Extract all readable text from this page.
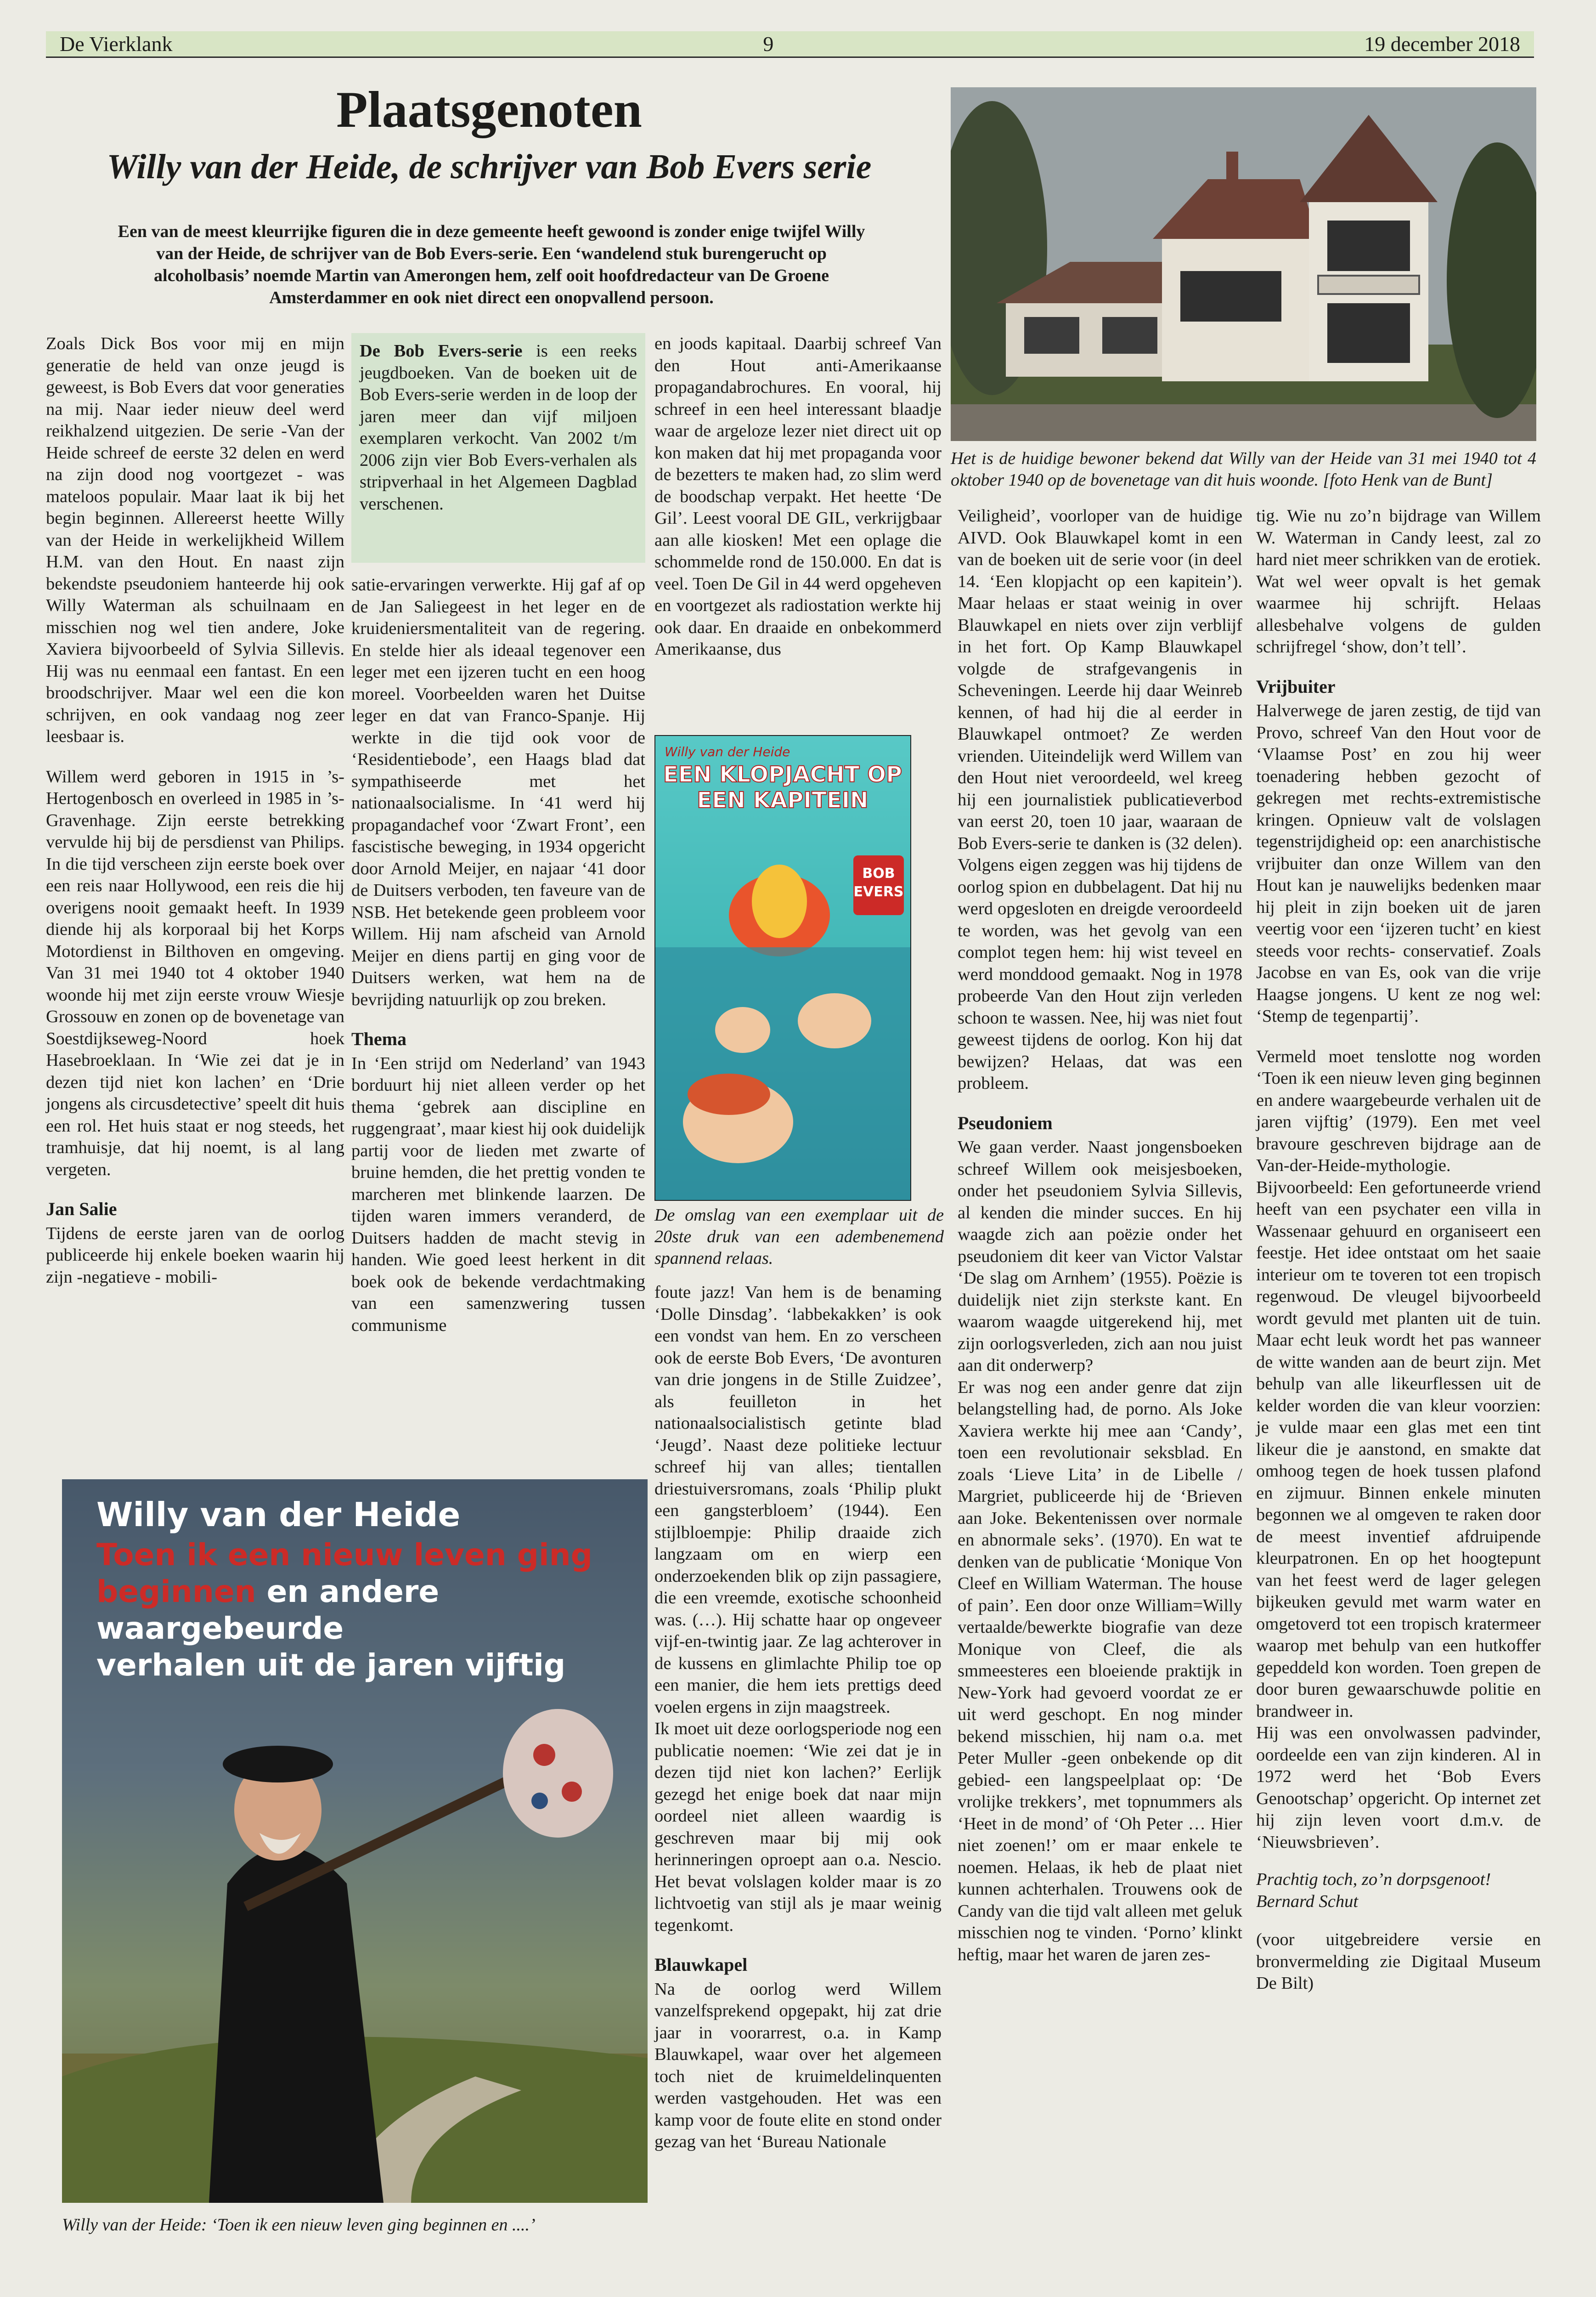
De Vierklank	9	19 december 2018
Plaatsgenoten
Willy van der Heide, de schrijver van Bob Evers serie
Een van de meest kleurrijke figuren die in deze gemeente heeft gewoond is zonder enige twijfel Willy van der Heide, de schrijver van de Bob Evers-serie. Een ‘wandelend stuk burengerucht op alcoholbasis’ noemde Martin van Amerongen hem, zelf ooit hoofdredacteur van De Groene Amsterdammer en ook niet direct een onopvallend persoon.
Het is de huidige bewoner bekend dat Willy van der Heide van 31 mei 1940 tot 4 oktober 1940 op de bovenetage van dit huis woonde. [foto Henk van de Bunt]

Zoals Dick Bos voor mij en mijn generatie de held van onze jeugd is geweest, is Bob Evers dat voor generaties na mij. Naar ieder nieuw deel werd reikhalzend uitgezien. De serie -Van der Heide schreef de eerste 32 delen en werd na zijn dood nog voortgezet - was mateloos populair. Maar laat ik bij het begin beginnen. Allereerst heette Willy van der Heide in werkelijkheid Willem H.M. van den Hout. En naast zijn bekendste pseudoniem hanteerde hij ook Willy Waterman als schuilnaam en misschien nog wel tien andere, Joke Xaviera bijvoorbeeld of Sylvia Sillevis. Hij was nu eenmaal een fantast. En een broodschrijver. Maar wel een die kon schrijven, en ook vandaag nog zeer leesbaar is.

Willem werd geboren in 1915 in ’s-Hertogenbosch en overleed in 1985 in ’s-Gravenhage. Zijn eerste betrekking vervulde hij bij de persdienst van Philips. In die tijd verscheen zijn eerste boek over een reis naar Hollywood, een reis die hij overigens nooit gemaakt heeft. In 1939 diende hij als korporaal bij het Korps Motordienst in Bilthoven en omgeving. Van 31 mei 1940 tot 4 oktober 1940 woonde hij met zijn eerste vrouw Wiesje Grossouw en zonen op de bovenetage van Soestdijkseweg-Noord hoek Hasebroeklaan. In ‘Wie zei dat je in dezen tijd niet kon lachen’ en ‘Drie jongens als circusdetective’ speelt dit huis een rol. Het huis staat er nog steeds, het tramhuisje, dat hij noemt, is al lang vergeten.

Jan Salie

Tijdens de eerste jaren van de oorlog publiceerde hij enkele boeken waarin hij zijn -negatieve - mobili-

De Bob Evers-serie is een reeks jeugdboeken. Van de boeken uit de Bob Evers-serie werden in de loop der jaren meer dan vijf miljoen exemplaren verkocht. Van 2002 t/m 2006 zijn vier Bob Evers-verhalen als stripverhaal in het Algemeen Dagblad verschenen.

satie-ervaringen verwerkte. Hij gaf af op de Jan Saliegeest in het leger en de kruideniersmentaliteit van de regering. En stelde hier als ideaal tegenover een leger met een ijzeren tucht en een hoog moreel. Voorbeelden waren het Duitse leger en dat van Franco-Spanje. Hij werkte in die tijd ook voor de ‘Residentiebode’, een Haags blad dat sympathiseerde met het nationaalsocialisme. In ‘41 werd hij propagandachef voor ‘Zwart Front’, een fascistische beweging, in 1934 opgericht door Arnold Meijer, en najaar ‘41 door de Duitsers verboden, ten faveure van de NSB. Het betekende geen probleem voor Willem. Hij nam afscheid van Arnold Meijer en diens partij en ging voor de Duitsers werken, wat hem na de bevrijding natuurlijk op zou breken.

Thema

In ‘Een strijd om Nederland’ van 1943 borduurt hij niet alleen verder op het thema ‘gebrek aan discipline en ruggengraat’, maar kiest hij ook duidelijk partij voor de lieden met zwarte of bruine hemden, die het prettig vonden te marcheren met blinkende laarzen. De tijden waren immers veranderd, de Duitsers hadden de macht stevig in handen. Wie goed leest herkent in dit boek ook de bekende verdachtmaking van een samenzwering tussen communisme

en joods kapitaal. Daarbij schreef Van den Hout anti-Amerikaanse propagandabrochures. En vooral, hij schreef in een heel interessant blaadje waar de argeloze lezer niet direct uit op kon maken dat hij met propaganda voor de bezetters te maken had, zo slim werd de boodschap verpakt. Het heette ‘De Gil’. Leest vooral DE GIL, verkrijgbaar aan alle kiosken! Met een oplage die schommelde rond de 150.000. En dat is veel. Toen De Gil in 44 werd opgeheven en voortgezet als radiostation werkte hij ook daar. En draaide en onbekommerd Amerikaanse, dus

Willy van der Heide
EEN KLOPJACHT OP EEN KAPITEIN
BOB EVERS
De omslag van een exemplaar uit de 20ste druk van een adembenemend spannend relaas.

foute jazz! Van hem is de benaming ‘Dolle Dinsdag’. ‘labbekakken’ is ook een vondst van hem. En zo verscheen ook de eerste Bob Evers, ‘De avonturen van drie jongens in de Stille Zuidzee’, als feuilleton in het nationaalsocialistisch getinte blad ‘Jeugd’. Naast deze politieke lectuur schreef hij van alles; tientallen driestuiversromans, zoals ‘Philip plukt een gangsterbloem’ (1944). Een stijlbloempje: Philip draaide zich langzaam om en wierp een onderzoekenden blik op zijn passagiere, die een vreemde, exotische schoonheid was. (…). Hij schatte haar op ongeveer vijf-en-twintig jaar. Ze lag achterover in de kussens en glimlachte Philip toe op een manier, die hem iets prettigs deed voelen ergens in zijn maagstreek.

Ik moet uit deze oorlogsperiode nog een publicatie noemen: ‘Wie zei dat je in dezen tijd niet kon lachen?’ Eerlijk gezegd het enige boek dat naar mijn oordeel niet alleen waardig is geschreven maar bij mij ook herinneringen oproept aan o.a. Nescio. Het bevat volslagen kolder maar is zo lichtvoetig van stijl als je maar weinig tegenkomt.

Blauwkapel

Na de oorlog werd Willem vanzelfsprekend opgepakt, hij zat drie jaar in voorarrest, o.a. in Kamp Blauwkapel, waar over het algemeen toch niet de kruimeldelinquenten werden vastgehouden. Het was een kamp voor de foute elite en stond onder gezag van het ‘Bureau Nationale

Veiligheid’, voorloper van de huidige AIVD. Ook Blauwkapel komt in een van de boeken uit de serie voor (in deel 14. ‘Een klopjacht op een kapitein’). Maar helaas er staat weinig in over Blauwkapel en niets over zijn verblijf in het fort. Op Kamp Blauwkapel volgde de strafgevangenis in Scheveningen. Leerde hij daar Weinreb kennen, of had hij die al eerder in Blauwkapel ontmoet? Ze werden vrienden. Uiteindelijk werd Willem van den Hout niet veroordeeld, wel kreeg hij een journalistiek publicatieverbod van eerst 20, toen 10 jaar, waaraan de Bob Evers-serie te danken is (32 delen). Volgens eigen zeggen was hij tijdens de oorlog spion en dubbelagent. Dat hij nu werd opgesloten en dreigde veroordeeld te worden, was het gevolg van een complot tegen hem: hij wist teveel en werd monddood gemaakt. Nog in 1978 probeerde Van den Hout zijn verleden schoon te wassen. Nee, hij was niet fout geweest tijdens de oorlog. Kon hij dat bewijzen? Helaas, dat was een probleem.

Pseudoniem

We gaan verder. Naast jongensboeken schreef Willem ook meisjesboeken, onder het pseudoniem Sylvia Sillevis, al kenden die minder succes. En hij waagde zich aan poëzie onder het pseudoniem dit keer van Victor Valstar ‘De slag om Arnhem’ (1955). Poëzie is duidelijk niet zijn sterkste kant. En waarom waagde uitgerekend hij, met zijn oorlogsverleden, zich aan nou juist aan dit onderwerp?

Er was nog een ander genre dat zijn belangstelling had, de porno. Als Joke Xaviera werkte hij mee aan ‘Candy’, toen een revolutionair seksblad. En zoals ‘Lieve Lita’ in de Libelle / Margriet, publiceerde hij de ‘Brieven aan Joke. Bekentenissen over normale en abnormale seks’. (1970). En wat te denken van de publicatie ‘Monique Von Cleef en William Waterman. The house of pain’. Een door onze William=Willy vertaalde/bewerkte biografie van deze Monique von Cleef, die als smmeesteres een bloeiende praktijk in New-York had gevoerd voordat ze er uit werd geschopt. En nog minder bekend misschien, hij nam o.a. met Peter Muller -geen onbekende op dit gebied- een langspeelplaat op: ‘De vrolijke trekkers’, met topnummers als ‘Heet in de mond’ of ‘Oh Peter … Hier niet zoenen!’ om er maar enkele te noemen. Helaas, ik heb de plaat niet kunnen achterhalen. Trouwens ook de Candy van die tijd valt alleen met geluk misschien nog te vinden. ‘Porno’ klinkt heftig, maar het waren de jaren zes-

tig. Wie nu zo’n bijdrage van Willem W. Waterman in Candy leest, zal zo hard niet meer schrikken van de erotiek. Wat wel weer opvalt is het gemak waarmee hij schrijft. Helaas allesbehalve volgens de gulden schrijfregel ‘show, don’t tell’.

Vrijbuiter

Halverwege de jaren zestig, de tijd van Provo, schreef Van den Hout voor de ‘Vlaamse Post’ en zou hij weer toenadering hebben gezocht of gekregen met rechts-extremistische kringen. Opnieuw valt de volslagen tegenstrijdigheid op: een anarchistische vrijbuiter dan onze Willem van den Hout kan je nauwelijks bedenken maar hij pleit in zijn boeken uit de jaren veertig voor een ‘ijzeren tucht’ en kiest steeds voor rechts- conservatief. Zoals Jacobse en van Es, ook van die vrije Haagse jongens. U kent ze nog wel: ‘Stemp de tegenpartij’.

Vermeld moet tenslotte nog worden ‘Toen ik een nieuw leven ging beginnen en andere waargebeurde verhalen uit de jaren vijftig’ (1979). Een met veel bravoure geschreven bijdrage aan de Van-der-Heide-mythologie. Bijvoorbeeld: Een gefortuneerde vriend heeft van een psychater een villa in Wassenaar gehuurd en organiseert een feestje. Het idee ontstaat om het saaie interieur om te toveren tot een tropisch regenwoud. De vleugel bijvoorbeeld wordt gevuld met planten uit de tuin. Maar echt leuk wordt het pas wanneer de witte wanden aan de beurt zijn. Met behulp van alle likeurflessen uit de kelder worden die van kleur voorzien: je vulde maar een glas met een tint likeur die je aanstond, en smakte dat omhoog tegen de hoek tussen plafond en zijmuur. Binnen enkele minuten begonnen we al omgeven te raken door de meest inventief afdruipende kleurpatronen. En op het hoogtepunt van het feest werd de lager gelegen bijkeuken gevuld met warm water en omgetoverd tot een tropisch kratermeer waarop met behulp van een hutkoffer gepeddeld kon worden. Toen grepen de door buren gewaarschuwde politie en brandweer in.

Hij was een onvolwassen padvinder, oordeelde een van zijn kinderen. Al in 1972 werd het ‘Bob Evers Genootschap’ opgericht. Op internet zet hij zijn leven voort d.m.v. de ‘Nieuwsbrieven’.

Prachtig toch, zo’n dorpsgenoot!

Bernard Schut

(voor uitgebreidere versie en bronvermelding zie Digitaal Museum De Bilt)

Willy van der Heide
Toen ik een nieuw leven ging
beginnen en andere waargebeurde
verhalen uit de jaren vijftig
Willy van der Heide: ‘Toen ik een nieuw leven ging beginnen en ....’
